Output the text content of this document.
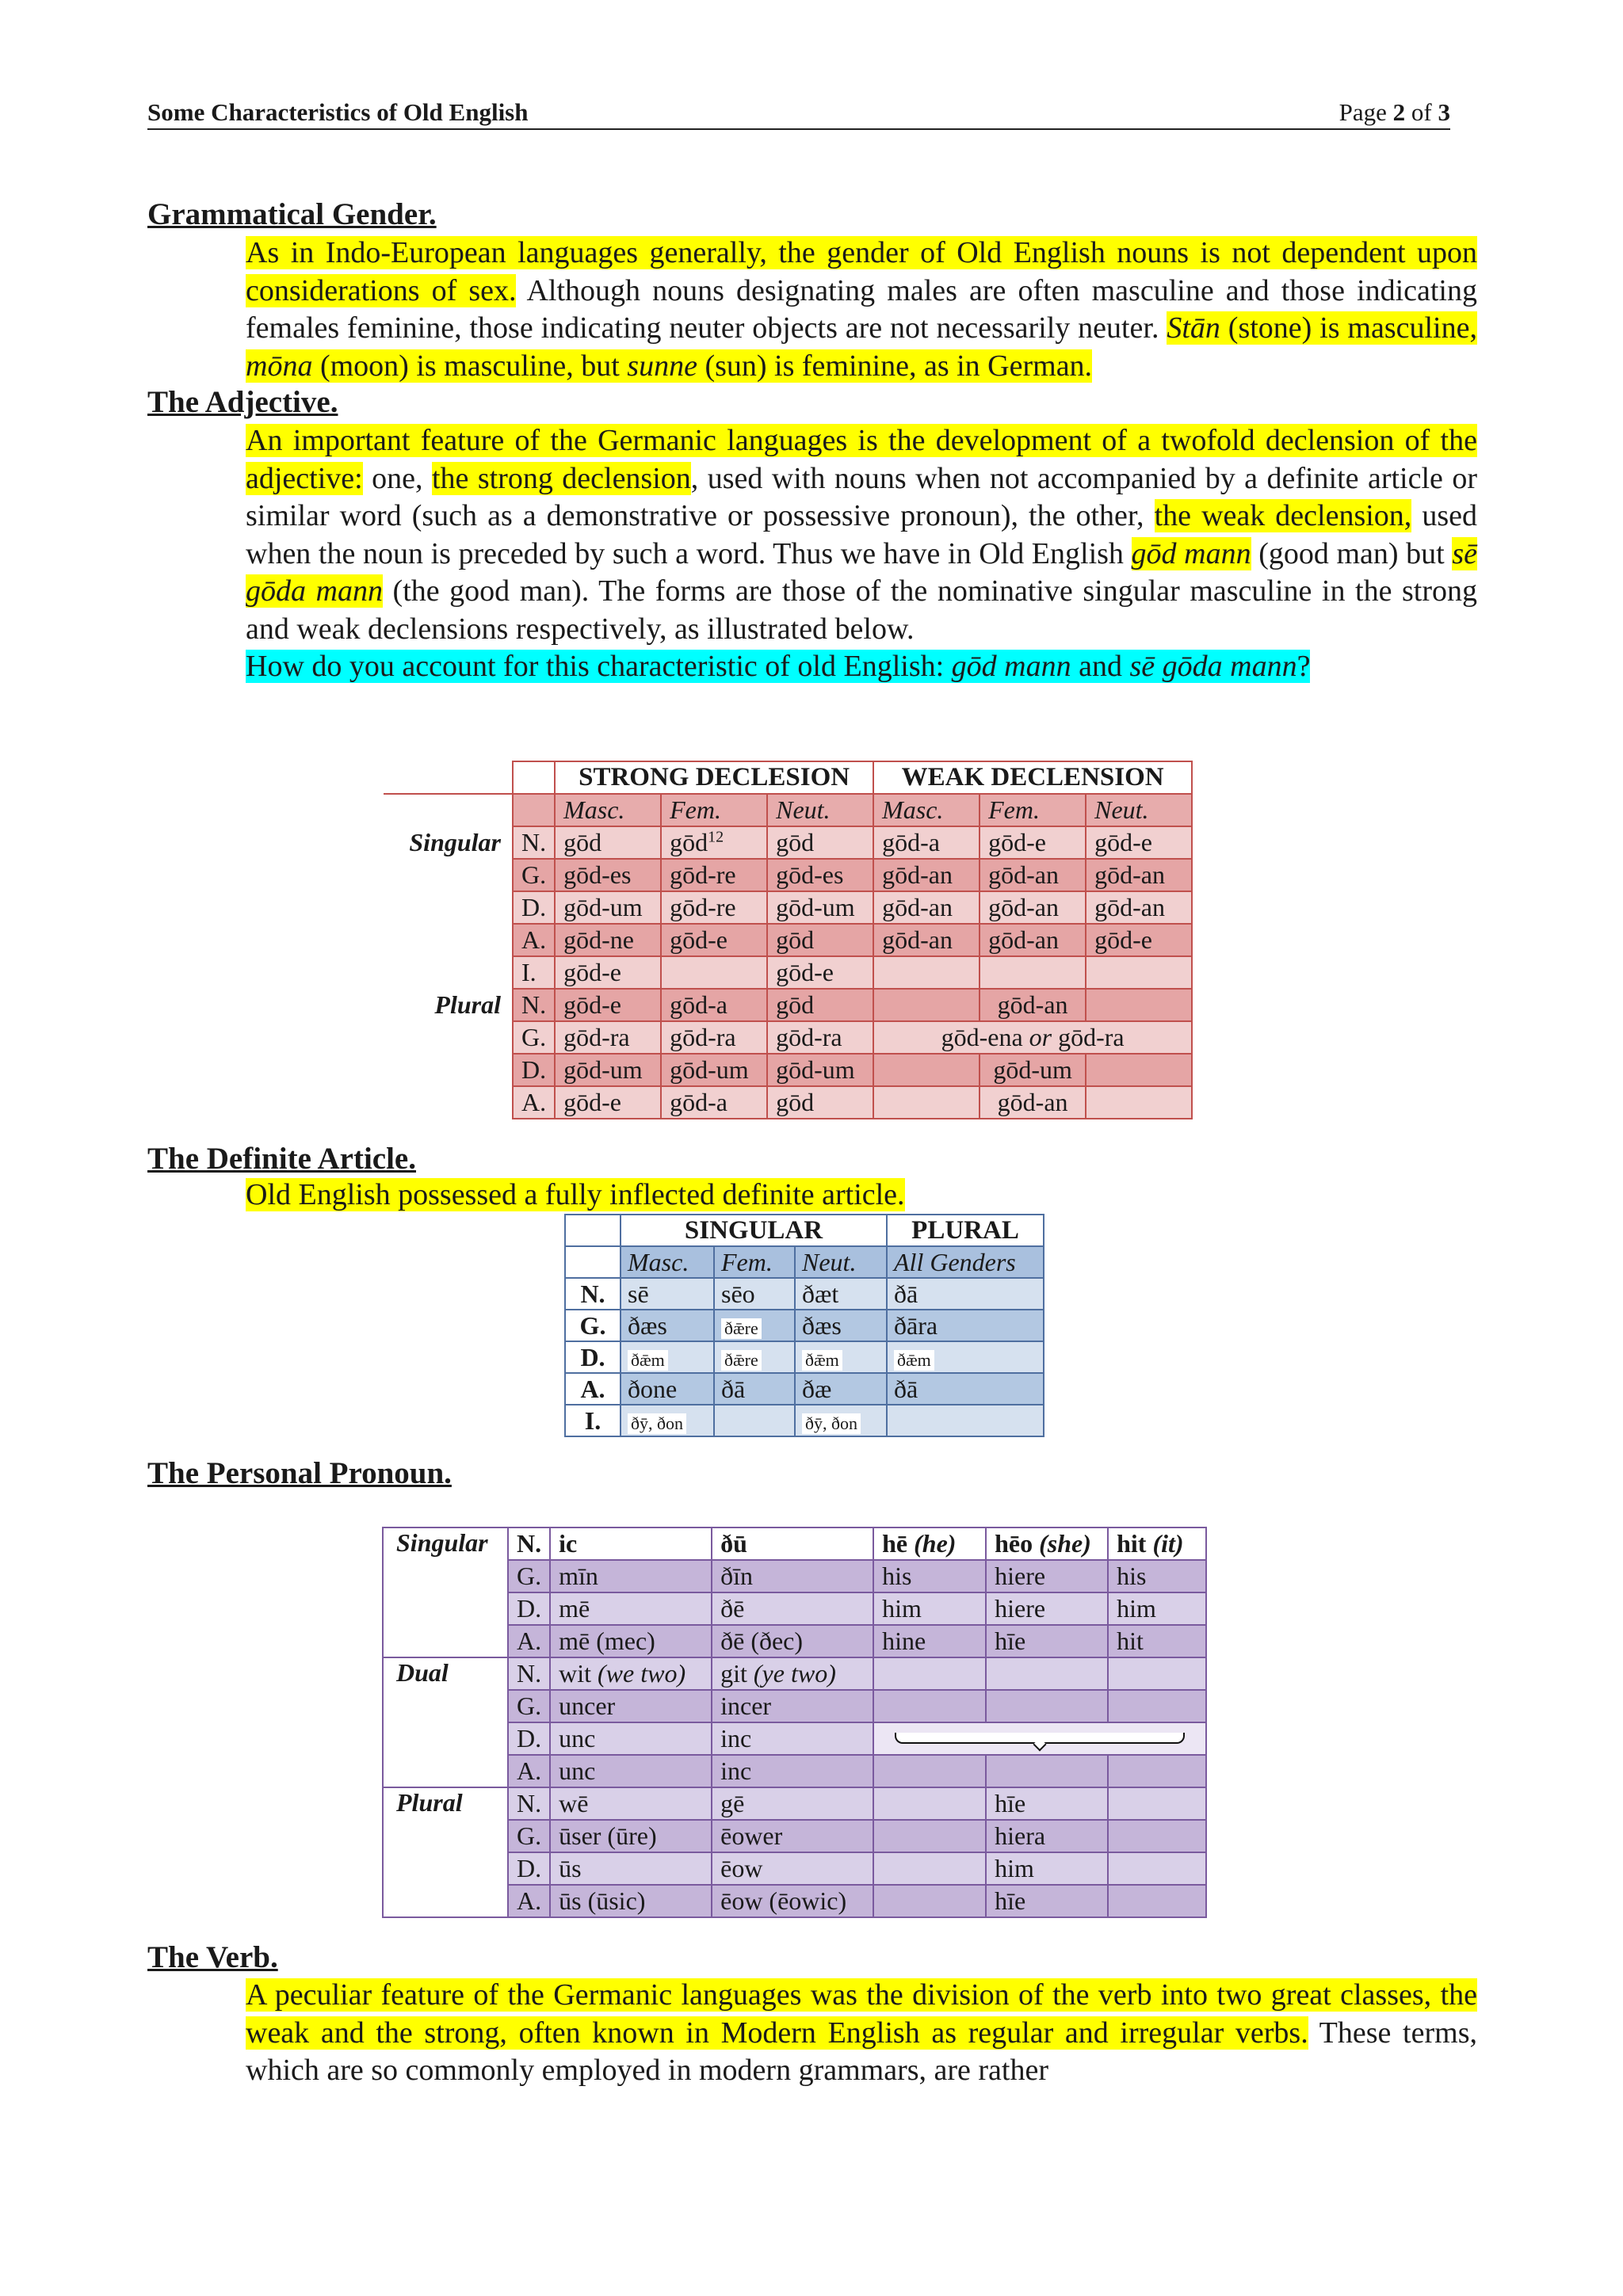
Some Characteristics of Old English	Page 2 of 3
Grammatical Gender.

As in Indo-European languages generally, the gender of Old English nouns is not dependent upon considerations of sex. Although nouns designating males are often masculine and those indicating females feminine, those indicating neuter objects are not necessarily neuter. Stān (stone) is masculine, mōna (moon) is masculine, but sunne (sun) is feminine, as in German.

The Adjective.

An important feature of the Germanic languages is the development of a twofold declension of the adjective: one, the strong declension, used with nouns when not accompanied by a definite article or similar word (such as a demonstrative or possessive pronoun), the other, the weak declension, used when the noun is preceded by such a word. Thus we have in Old English gōd mann (good man) but sē gōda mann (the good man). The forms are those of the nominative singular masculine in the strong and weak declensions respectively, as illustrated below.
How do you account for this characteristic of old English: gōd mann and sē gōda mann?

		STRONG DECLESION			WEAK DECLENSION		
		Masc.	Fem.	Neut.	Masc.	Fem.	Neut.
Singular	N.	gōd	gōd$^{12}$	gōd	gōd-a	gōd-e	gōd-e
	G.	gōd-es	gōd-re	gōd-es	gōd-an	gōd-an	gōd-an
	D.	gōd-um	gōd-re	gōd-um	gōd-an	gōd-an	gōd-an
	A.	gōd-ne	gōd-e	gōd	gōd-an	gōd-an	gōd-e
	I.	gōd-e		gōd-e			
Plural	N.	gōd-e	gōd-a	gōd		gōd-an	
	G.	gōd-ra	gōd-ra	gōd-ra	gōd-ena or gōd-ra		
	D.	gōd-um	gōd-um	gōd-um		gōd-um	
	A.	gōd-e	gōd-a	gōd		gōd-an	
The Definite Article.

Old English possessed a fully inflected definite article.

	SINGULAR			PLURAL
	Masc.	Fem.	Neut.	All Genders
N.	sē	sēo	ðæt	ðā
G.	ðæs	ðǣre	ðæs	ðāra
D.	ðǣm	ðǣre	ðǣm	ðǣm
A.	ðone	ðā	ðæ	ðā
I.	ðȳ, ðon		ðȳ, ðon	
The Personal Pronoun.
Singular	N.	ic	ðū	hē (he)	hēo (she)	hit (it)
	G.	mīn	ðīn	his	hiere	his
	D.	mē	ðē	him	hiere	him
	A.	mē (mec)	ðē (ðec)	hine	hīe	hit
Dual	N.	wit (we two)	git (ye two)			
	G.	uncer	incer			
	D.	unc	inc			

	A.	unc	inc			
Plural	N.	wē	gē		hīe	
	G.	ūser (ūre)	ēower		hiera	
	D.	ūs	ēow		him	
	A.	ūs (ūsic)	ēow (ēowic)		hīe	
The Verb.

A peculiar feature of the Germanic languages was the division of the verb into two great classes, the weak and the strong, often known in Modern English as regular and irregular verbs. These terms, which are so commonly employed in modern grammars, are rather
